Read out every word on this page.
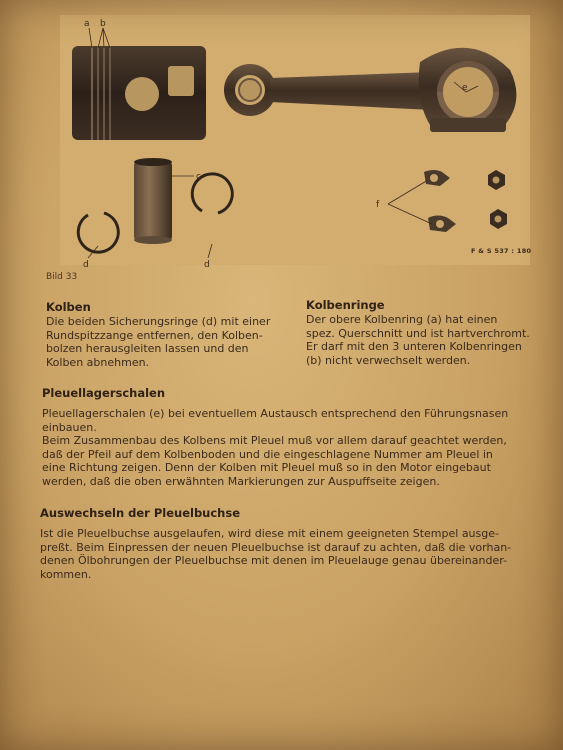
a b
c
d	d
e
f
F & S 537 : 180
Bild 33
Kolben
Die beiden Sicherungsringe (d) mit einer
Rundspitzzange entfernen, den Kolben-
bolzen herausgleiten lassen und den
Kolben abnehmen.
Kolbenringe
Der obere Kolbenring (a) hat einen
spez. Querschnitt und ist hartverchromt.
Er darf mit den 3 unteren Kolbenringen
(b) nicht verwechselt werden.
Pleuellagerschalen
Pleuellagerschalen (e) bei eventuellem Austausch entsprechend den Führungsnasen
einbauen.
Beim Zusammenbau des Kolbens mit Pleuel muß vor allem darauf geachtet werden,
daß der Pfeil auf dem Kolbenboden und die eingeschlagene Nummer am Pleuel in
eine Richtung zeigen. Denn der Kolben mit Pleuel muß so in den Motor eingebaut
werden, daß die oben erwähnten Markierungen zur Auspuffseite zeigen.
Auswechseln der Pleuelbuchse
Ist die Pleuelbuchse ausgelaufen, wird diese mit einem geeigneten Stempel ausge-
preßt. Beim Einpressen der neuen Pleuelbuchse ist darauf zu achten, daß die vorhan-
denen Ölbohrungen der Pleuelbuchse mit denen im Pleuelauge genau übereinander-
kommen.
